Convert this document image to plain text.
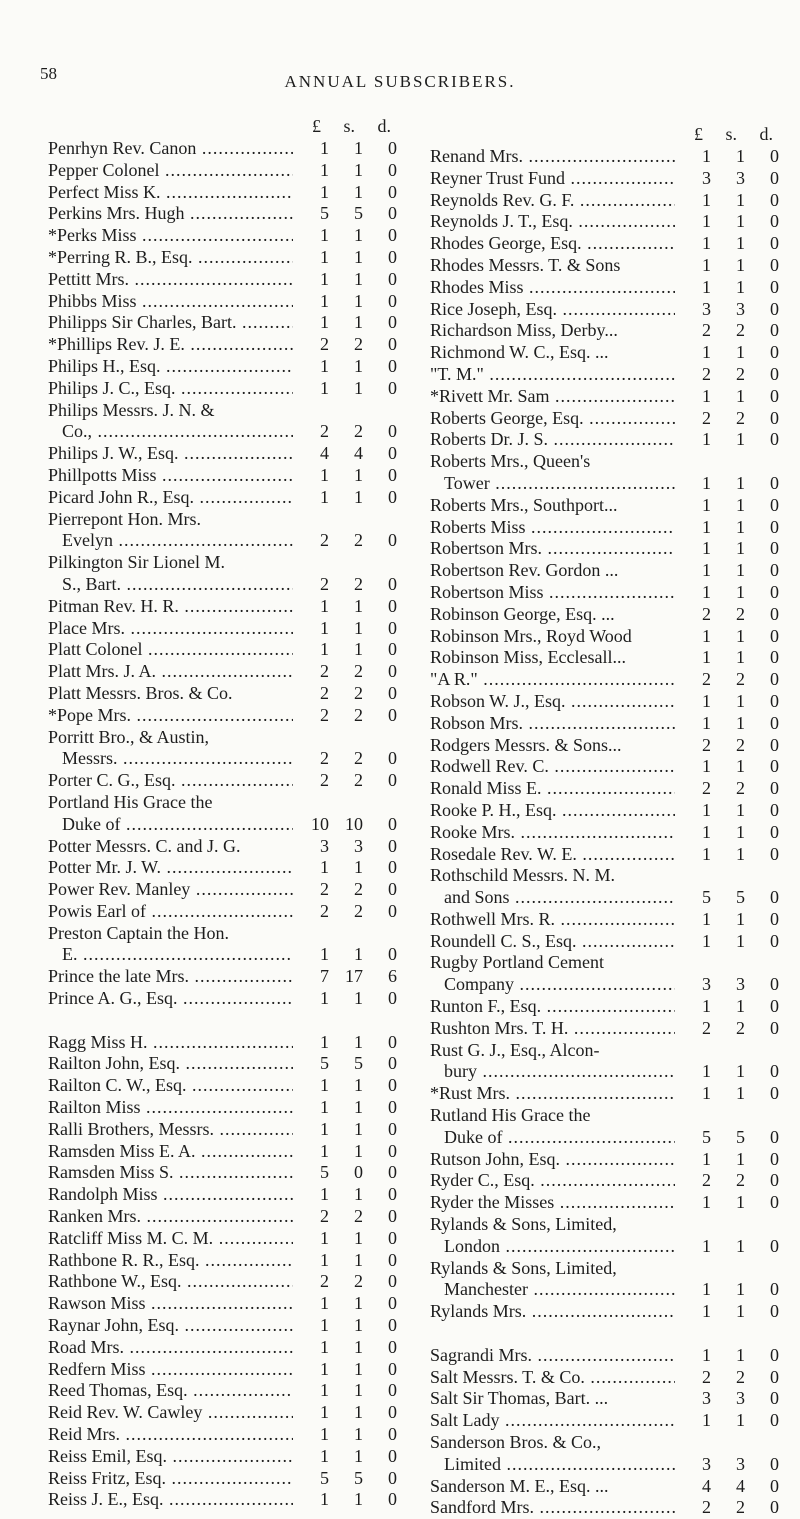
58	ANNUAL SUBSCRIBERS.
£ s. d.
Penrhyn Rev. Canon .....	1	1	0
Pepper Colonel .....	1	1	0
Perfect Miss K. .....	1	1	0
Perkins Mrs. Hugh .....	5	5	0
*Perks Miss .....	1	1	0
*Perring R. B., Esq. .....	1	1	0
Pettitt Mrs. .....	1	1	0
Phibbs Miss .....	1	1	0
Philipps Sir Charles, Bart. .....	1	1	0
*Phillips Rev. J. E. .....	2	2	0
Philips H., Esq. .....	1	1	0
Philips J. C., Esq. .....	1	1	0
Philips Messrs. J. N. &
Co., .....	2	2	0
Philips J. W., Esq. .....	4	4	0
Phillpotts Miss .....	1	1	0
Picard John R., Esq. .....	1	1	0
Pierrepont Hon. Mrs.
Evelyn .....	2	2	0
Pilkington Sir Lionel M.
S., Bart. .....	2	2	0
Pitman Rev. H. R. .....	1	1	0
Place Mrs. .....	1	1	0
Platt Colonel .....	1	1	0
Platt Mrs. J. A. .....	2	2	0
Platt Messrs. Bros. & Co.	2	2	0
*Pope Mrs. .....	2	2	0
Porritt Bro., & Austin,
Messrs. .....	2	2	0
Porter C. G., Esq. .....	2	2	0
Portland His Grace the
Duke of .....	10 10	0
Potter Messrs. C. and J. G.	3	3	0
Potter Mr. J. W. .....	1	1	0
Power Rev. Manley .....	2	2	0
Powis Earl of .....	2	2	0
Preston Captain the Hon.
E. .....	1	1	0
Prince the late Mrs. .....	7 17	6
Prince A. G., Esq. .....	1	1	0
Ragg Miss H. .....	1	1	0
Railton John, Esq. .....	5	5	0
Railton C. W., Esq. .....	1	1	0
Railton Miss .....	1	1	0
Ralli Brothers, Messrs. .....	1	1	0
Ramsden Miss E. A. .....	1	1	0
Ramsden Miss S. .....	5	0	0
Randolph Miss .....	1	1	0
Ranken Mrs. .....	2	2	0
Ratcliff Miss M. C. M. .....	1	1	0
Rathbone R. R., Esq. .....	1	1	0
Rathbone W., Esq. .....	2	2	0
Rawson Miss .....	1	1	0
Raynar John, Esq. .....	1	1	0
Road Mrs. .....	1	1	0
Redfern Miss .....	1	1	0
Reed Thomas, Esq. .....	1	1	0
Reid Rev. W. Cawley .....	1	1	0
Reid Mrs. .....	1	1	0
Reiss Emil, Esq. .....	1	1	0
Reiss Fritz, Esq. .....	5	5	0
Reiss J. E., Esq. .....	1	1	0
£ s. d.
Renand Mrs. .....	1	1	0
Reyner Trust Fund .....	3	3	0
Reynolds Rev. G. F. .....	1	1	0
Reynolds J. T., Esq. .....	1	1	0
Rhodes George, Esq. .....	1	1	0
Rhodes Messrs. T. & Sons	1	1	0
Rhodes Miss .....	1	1	0
Rice Joseph, Esq. .....	3	3	0
Richardson Miss, Derby...	2	2	0
Richmond W. C., Esq. ...	1	1	0
"T. M." .....	2	2	0
*Rivett Mr. Sam .....	1	1	0
Roberts George, Esq. .....	2	2	0
Roberts Dr. J. S. .....	1	1	0
Roberts Mrs., Queen's
Tower .....	1	1	0
Roberts Mrs., Southport...	1	1	0
Roberts Miss .....	1	1	0
Robertson Mrs. .....	1	1	0
Robertson Rev. Gordon ...	1	1	0
Robertson Miss .....	1	1	0
Robinson George, Esq. ...	2	2	0
Robinson Mrs., Royd Wood	1	1	0
Robinson Miss, Ecclesall...	1	1	0
"A R." .....	2	2	0
Robson W. J., Esq. .....	1	1	0
Robson Mrs. .....	1	1	0
Rodgers Messrs. & Sons...	2	2	0
Rodwell Rev. C. .....	1	1	0
Ronald Miss E. .....	2	2	0
Rooke P. H., Esq. .....	1	1	0
Rooke Mrs. .....	1	1	0
Rosedale Rev. W. E. .....	1	1	0
Rothschild Messrs. N. M.
and Sons .....	5	5	0
Rothwell Mrs. R. .....	1	1	0
Roundell C. S., Esq. .....	1	1	0
Rugby Portland Cement
Company .....	3	3	0
Runton F., Esq. .....	1	1	0
Rushton Mrs. T. H. .....	2	2	0
Rust G. J., Esq., Alcon-
bury .....	1	1	0
*Rust Mrs. .....	1	1	0
Rutland His Grace the
Duke of .....	5	5	0
Rutson John, Esq. .....	1	1	0
Ryder C., Esq. .....	2	2	0
Ryder the Misses .....	1	1	0
Rylands & Sons, Limited,
London .....	1	1	0
Rylands & Sons, Limited,
Manchester .....	1	1	0
Rylands Mrs. .....	1	1	0
Sagrandi Mrs. .....	1	1	0
Salt Messrs. T. & Co. .....	2	2	0
Salt Sir Thomas, Bart. ...	3	3	0
Salt Lady .....	1	1	0
Sanderson Bros. & Co.,
Limited .....	3	3	0
Sanderson M. E., Esq. ...	4	4	0
Sandford Mrs. .....	2	2	0
